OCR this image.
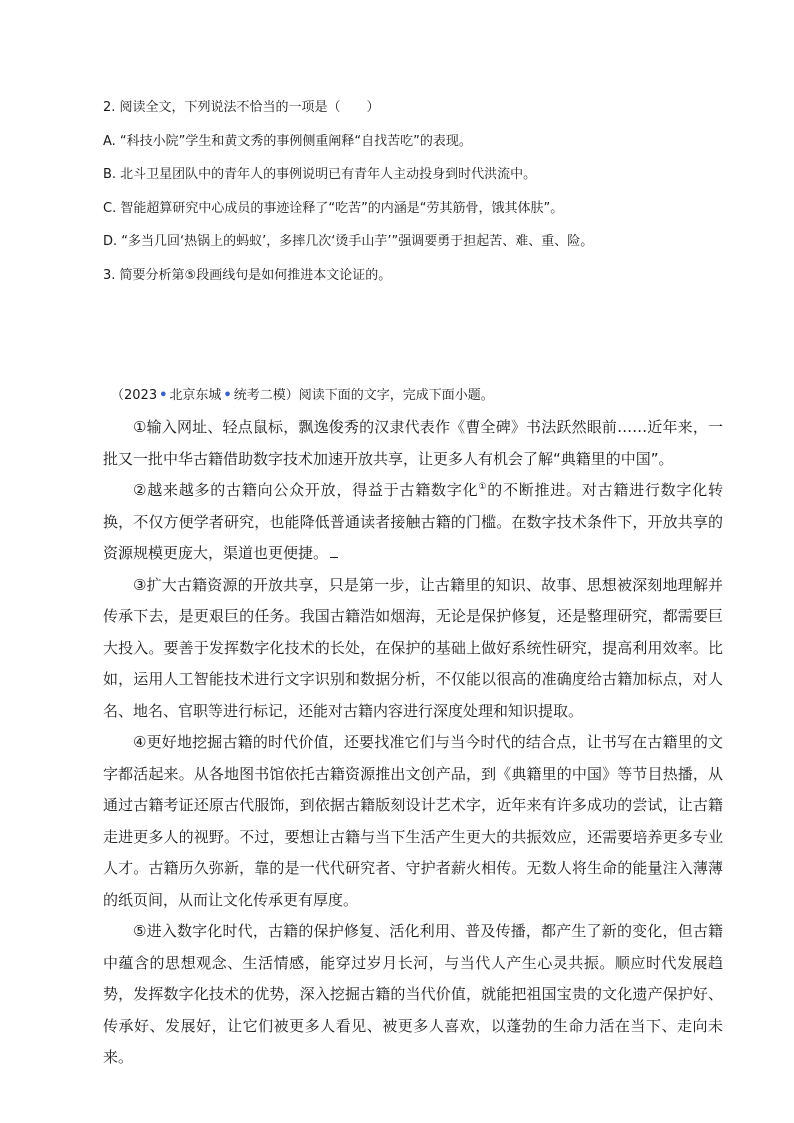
2. 阅读全文，下列说法不恰当的一项是（　　）
A. “科技小院”学生和黄文秀的事例侧重阐释“自找苦吃”的表现。
B. 北斗卫星团队中的青年人的事例说明已有青年人主动投身到时代洪流中。
C. 智能超算研究中心成员的事迹诠释了“吃苦”的内涵是“劳其筋骨，饿其体肤”。
D. “多当几回‘热锅上的蚂蚁’，多摔几次‘烫手山芋’”强调要勇于担起苦、难、重、险。
3. 简要分析第⑤段画线句是如何推进本文论证的。
（2023 • 北京东城 • 统考二模）阅读下面的文字，完成下面小题。

①输入网址、轻点鼠标，飘逸俊秀的汉隶代表作《曹全碑》书法跃然眼前……近年来，一批又一批中华古籍借助数字技术加速开放共享，让更多人有机会了解“典籍里的中国”。

②越来越多的古籍向公众开放，得益于古籍数字化①的不断推进。对古籍进行数字化转换，不仅方便学者研究，也能降低普通读者接触古籍的门槛。在数字技术条件下，开放共享的资源规模更庞大，渠道也更便捷。

③扩大古籍资源的开放共享，只是第一步，让古籍里的知识、故事、思想被深刻地理解并传承下去，是更艰巨的任务。我国古籍浩如烟海，无论是保护修复，还是整理研究，都需要巨大投入。要善于发挥数字化技术的长处，在保护的基础上做好系统性研究，提高利用效率。比如，运用人工智能技术进行文字识别和数据分析，不仅能以很高的准确度给古籍加标点，对人名、地名、官职等进行标记，还能对古籍内容进行深度处理和知识提取。

④更好地挖掘古籍的时代价值，还要找准它们与当今时代的结合点，让书写在古籍里的文字都活起来。从各地图书馆依托古籍资源推出文创产品，到《典籍里的中国》等节目热播，从通过古籍考证还原古代服饰，到依据古籍版刻设计艺术字，近年来有许多成功的尝试，让古籍走进更多人的视野。不过，要想让古籍与当下生活产生更大的共振效应，还需要培养更多专业人才。古籍历久弥新，靠的是一代代研究者、守护者薪火相传。无数人将生命的能量注入薄薄的纸页间，从而让文化传承更有厚度。

⑤进入数字化时代，古籍的保护修复、活化利用、普及传播，都产生了新的变化，但古籍中蕴含的思想观念、生活情感，能穿过岁月长河，与当代人产生心灵共振。顺应时代发展趋势，发挥数字化技术的优势，深入挖掘古籍的当代价值，就能把祖国宝贵的文化遗产保护好、传承好、发展好，让它们被更多人看见、被更多人喜欢，以蓬勃的生命力活在当下、走向未来。
